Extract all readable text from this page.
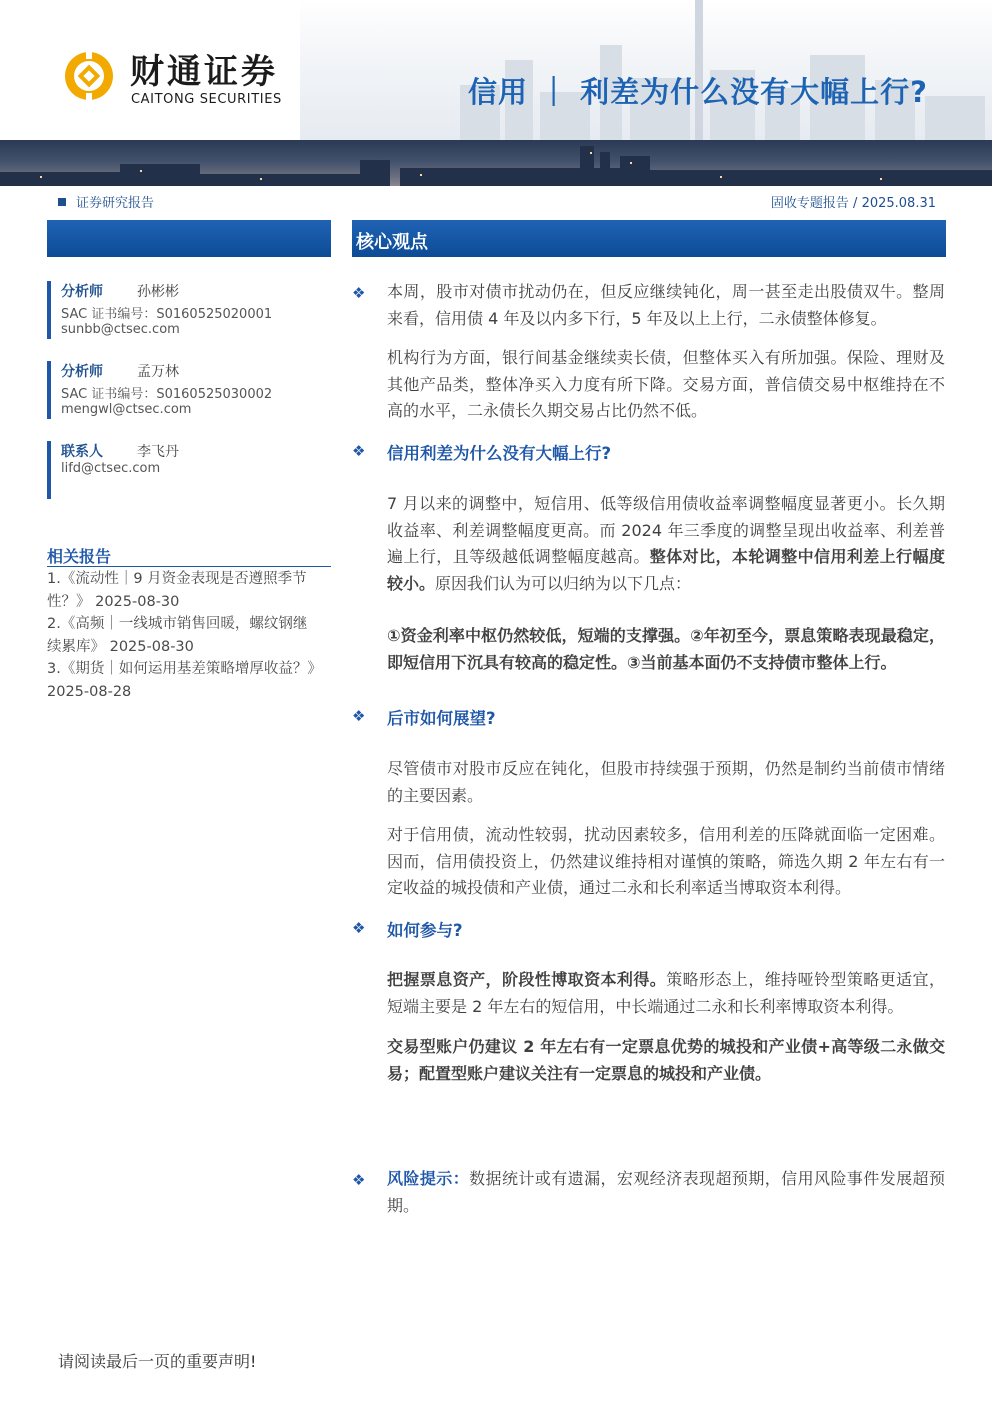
财通证券
CAITONG SECURITIES	信用 ｜ 利差为什么没有大幅上行?
证券研究报告	固收专题报告 / 2025.08.31
核心观点
分析师 孙彬彬
SAC 证书编号：S0160525020001
sunbb@ctsec.com
分析师 孟万林
SAC 证书编号：S0160525030002
mengwl@ctsec.com
联系人 李飞丹
lifd@ctsec.com
相关报告
1.《流动性｜9 月资金表现是否遵照季节
性？》 2025-08-30
2.《高频｜一线城市销售回暖，螺纹钢继
续累库》 2025-08-30
3.《期货｜如何运用基差策略增厚收益？》
2025-08-28
❖ 本周，股市对债市扰动仍在，但反应继续钝化，周一甚至走出股债双牛。整周来看，信用债 4 年及以内多下行，5 年及以上上行，二永债整体修复。
机构行为方面，银行间基金继续卖长债，但整体买入有所加强。保险、理财及其他产品类，整体净买入力度有所下降。交易方面，普信债交易中枢维持在不高的水平，二永债长久期交易占比仍然不低。
❖ 信用利差为什么没有大幅上行?
7 月以来的调整中，短信用、低等级信用债收益率调整幅度显著更小。长久期收益率、利差调整幅度更高。而 2024 年三季度的调整呈现出收益率、利差普遍上行，且等级越低调整幅度越高。整体对比，本轮调整中信用利差上行幅度较小。原因我们认为可以归纳为以下几点：
①资金利率中枢仍然较低，短端的支撑强。②年初至今，票息策略表现最稳定，即短信用下沉具有较高的稳定性。③当前基本面仍不支持债市整体上行。
❖ 后市如何展望?
尽管债市对股市反应在钝化，但股市持续强于预期，仍然是制约当前债市情绪的主要因素。
对于信用债，流动性较弱，扰动因素较多，信用利差的压降就面临一定困难。因而，信用债投资上，仍然建议维持相对谨慎的策略，筛选久期 2 年左右有一定收益的城投债和产业债，通过二永和长利率适当博取资本利得。
❖ 如何参与?
把握票息资产，阶段性博取资本利得。策略形态上，维持哑铃型策略更适宜，短端主要是 2 年左右的短信用，中长端通过二永和长利率博取资本利得。
交易型账户仍建议 2 年左右有一定票息优势的城投和产业债+高等级二永做交易；配置型账户建议关注有一定票息的城投和产业债。
❖ 风险提示：数据统计或有遗漏，宏观经济表现超预期，信用风险事件发展超预期。
请阅读最后一页的重要声明!
